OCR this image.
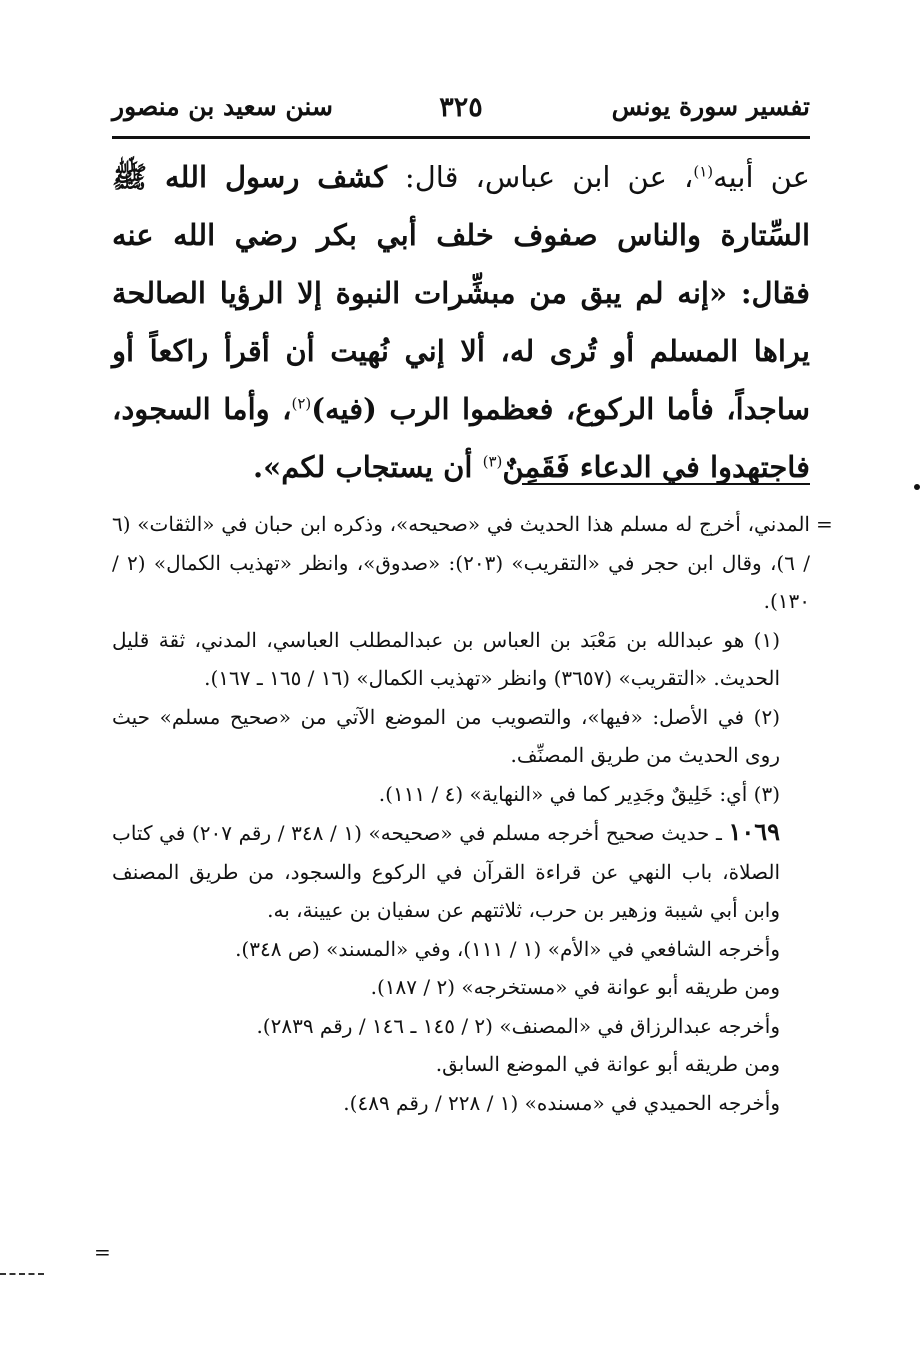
تفسير سورة يونس
٣٢٥
سنن سعيد بن منصور

عن أبيه$^{(١)}$، عن ابن عباس، قال: كشف رسول الله ﷺ السِّتارة والناس صفوف خلف أبي بكر رضي الله عنه فقال: «إنه لم يبق من مبشِّرات النبوة إلا الرؤيا الصالحة يراها المسلم أو تُرى له، ألا إني نُهيت أن أقرأ راكعاً أو ساجداً، فأما الركوع، فعظموا الرب (فيه)$^{(٢)}$، وأما السجود، فاجتهدوا في الدعاء فَقَمِنٌ$^{(٣)}$ أن يستجاب لكم».

=

المدني، أخرج له مسلم هذا الحديث في «صحيحه»، وذكره ابن حبان في «الثقات» (٦ / ٦)، وقال ابن حجر في «التقريب» (٢٠٣): «صدوق»، وانظر «تهذيب الكمال» (٢ / ١٣٠).

(١) هو عبدالله بن مَعْبَد بن العباس بن عبدالمطلب العباسي، المدني، ثقة قليل الحديث. «التقريب» (٣٦٥٧) وانظر «تهذيب الكمال» (١٦ / ١٦٥ ـ ١٦٧).

(٢) في الأصل: «فيها»، والتصويب من الموضع الآتي من «صحيح مسلم» حيث روى الحديث من طريق المصنِّف.

(٣) أي: خَلِيقٌ وجَدِير كما في «النهاية» (٤ / ١١١).

١٠٦٩ ـ حديث صحيح أخرجه مسلم في «صحيحه» (١ / ٣٤٨ / رقم ٢٠٧) في كتاب الصلاة، باب النهي عن قراءة القرآن في الركوع والسجود، من طريق المصنف وابن أبي شيبة وزهير بن حرب، ثلاثتهم عن سفيان بن عيينة، به.

وأخرجه الشافعي في «الأم» (١ / ١١١)، وفي «المسند» (ص ٣٤٨).

ومن طريقه أبو عوانة في «مستخرجه» (٢ / ١٨٧).

وأخرجه عبدالرزاق في «المصنف» (٢ / ١٤٥ ـ ١٤٦ / رقم ٢٨٣٩).

ومن طريقه أبو عوانة في الموضع السابق.

وأخرجه الحميدي في «مسنده» (١ / ٢٢٨ / رقم ٤٨٩).

=
